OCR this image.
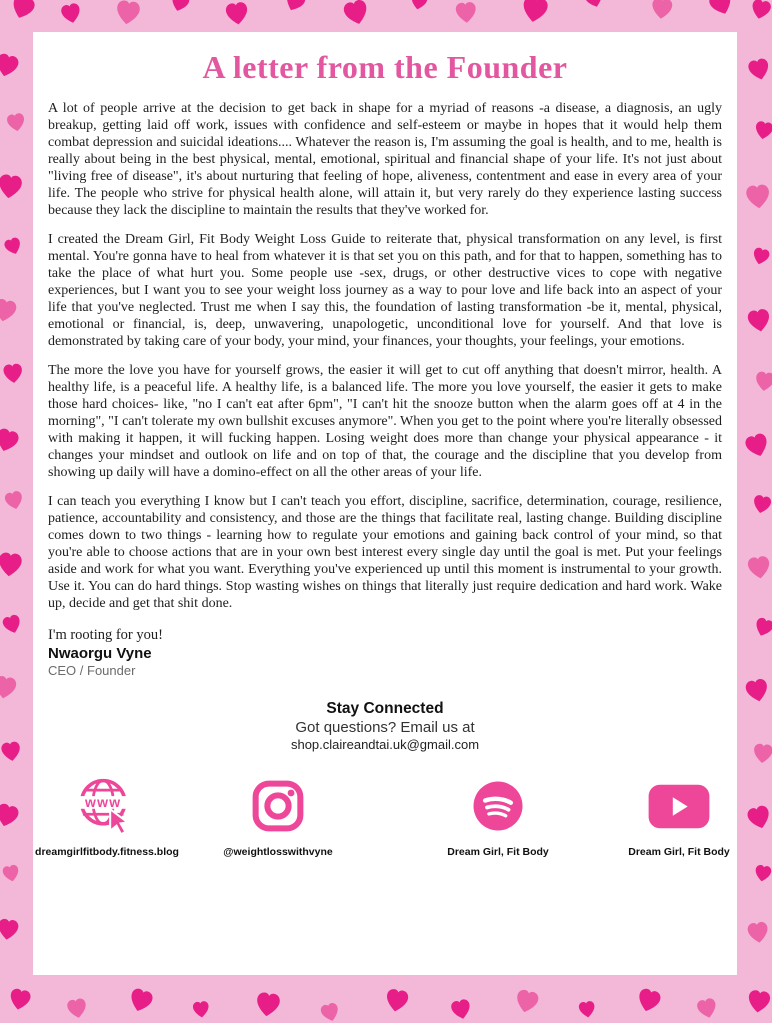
A letter from the Founder

A lot of people arrive at the decision to get back in shape for a myriad of reasons -a disease, a diagnosis, an ugly breakup, getting laid off work, issues with confidence and self-esteem or maybe in hopes that it would help them combat depression and suicidal ideations.... Whatever the reason is, I'm assuming the goal is health, and to me, health is really about being in the best physical, mental, emotional, spiritual and financial shape of your life. It's not just about "living free of disease", it's about nurturing that feeling of hope, aliveness, contentment and ease in every area of your life. The people who strive for physical health alone, will attain it, but very rarely do they experience lasting success because they lack the discipline to maintain the results that they've worked for.

I created the Dream Girl, Fit Body Weight Loss Guide to reiterate that, physical transformation on any level, is first mental. You're gonna have to heal from whatever it is that set you on this path, and for that to happen, something has to take the place of what hurt you. Some people use -sex, drugs, or other destructive vices to cope with negative experiences, but I want you to see your weight loss journey as a way to pour love and life back into an aspect of your life that you've neglected. Trust me when I say this, the foundation of lasting transformation -be it, mental, physical, emotional or financial, is, deep, unwavering, unapologetic, unconditional love for yourself. And that love is demonstrated by taking care of your body, your mind, your finances, your thoughts, your feelings, your emotions.

The more the love you have for yourself grows, the easier it will get to cut off anything that doesn't mirror, health. A healthy life, is a peaceful life. A healthy life, is a balanced life. The more you love yourself, the easier it gets to make those hard choices- like, "no I can't eat after 6pm", "I can't hit the snooze button when the alarm goes off at 4 in the morning", "I can't tolerate my own bullshit excuses anymore". When you get to the point where you're literally obsessed with making it happen, it will fucking happen. Losing weight does more than change your physical appearance - it changes your mindset and outlook on life and on top of that, the courage and the discipline that you develop from showing up daily will have a domino-effect on all the other areas of your life.

I can teach you everything I know but I can't teach you effort, discipline, sacrifice, determination, courage, resilience, patience, accountability and consistency, and those are the things that facilitate real, lasting change. Building discipline comes down to two things - learning how to regulate your emotions and gaining back control of your mind, so that you're able to choose actions that are in your own best interest every single day until the goal is met. Put your feelings aside and work for what you want. Everything you've experienced up until this moment is instrumental to your growth. Use it. You can do hard things. Stop wasting wishes on things that literally just require dedication and hard work. Wake up, decide and get that shit done.

I'm rooting for you!

Nwaorgu Vyne

CEO / Founder

Stay Connected

Got questions? Email us at

shop.claireandtai.uk@gmail.com

www
dreamgirlfitbody.fitness.blog	@weightlosswithvyne	Dream Girl, Fit Body	Dream Girl, Fit Body
